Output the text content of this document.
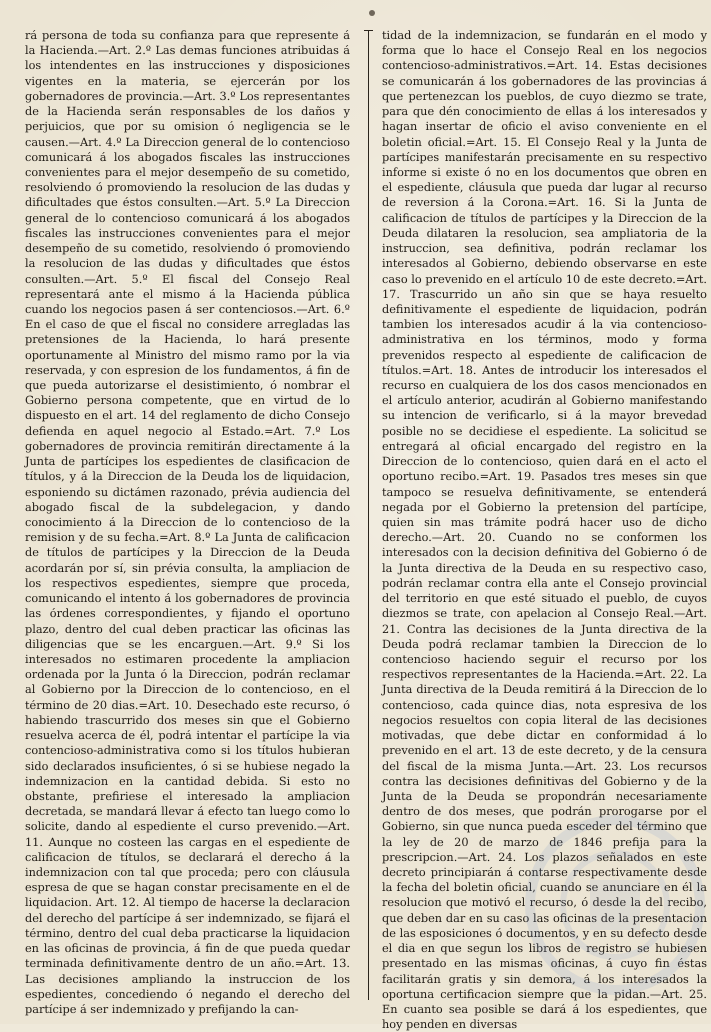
rá persona de toda su confianza para que represente á la Hacienda.—Art. 2.º Las demas funciones atribuidas á los intendentes en las instrucciones y disposiciones vigentes en la materia, se ejercerán por los gobernadores de provincia.—Art. 3.º Los representantes de la Hacienda serán responsables de los daños y perjuicios, que por su omision ó negligencia se le causen.—Art. 4.º La Direccion general de lo contencioso comunicará á los abogados fiscales las instrucciones convenientes para el mejor desempeño de su cometido, resolviendo ó promoviendo la resolucion de las dudas y dificultades que éstos consulten.—Art. 5.º La Direccion general de lo contencioso comunicará á los abogados fiscales las instrucciones convenientes para el mejor desempeño de su cometido, resolviendo ó promoviendo la resolucion de las dudas y dificultades que éstos consulten.—Art. 5.º El fiscal del Consejo Real representará ante el mismo á la Hacienda pública cuando los negocios pasen á ser contenciosos.—Art. 6.º En el caso de que el fiscal no considere arregladas las pretensiones de la Hacienda, lo hará presente oportunamente al Ministro del mismo ramo por la via reservada, y con espresion de los fundamentos, á fin de que pueda autorizarse el desistimiento, ó nombrar el Gobierno persona competente, que en virtud de lo dispuesto en el art. 14 del reglamento de dicho Consejo defienda en aquel negocio al Estado.=Art. 7.º Los gobernadores de provincia remitirán directamente á la Junta de partícipes los espedientes de clasificacion de títulos, y á la Direccion de la Deuda los de liquidacion, esponiendo su dictámen razonado, prévia audiencia del abogado fiscal de la subdelegacion, y dando conocimiento á la Direccion de lo contencioso de la remision y de su fecha.=Art. 8.º La Junta de calificacion de títulos de partícipes y la Direccion de la Deuda acordarán por sí, sin prévia consulta, la ampliacion de los respectivos espedientes, siempre que proceda, comunicando el intento á los gobernadores de provincia las órdenes correspondientes, y fijando el oportuno plazo, dentro del cual deben practicar las oficinas las diligencias que se les encarguen.—Art. 9.º Si los interesados no estimaren procedente la ampliacion ordenada por la Junta ó la Direccion, podrán reclamar al Gobierno por la Direccion de lo contencioso, en el término de 20 dias.=Art. 10. Desechado este recurso, ó habiendo trascurrido dos meses sin que el Gobierno resuelva acerca de él, podrá intentar el partícipe la via contencioso-administrativa como si los títulos hubieran sido declarados insuficientes, ó si se hubiese negado la indemnizacion en la cantidad debida. Si esto no obstante, prefiriese el interesado la ampliacion decretada, se mandará llevar á efecto tan luego como lo solicite, dando al espediente el curso prevenido.—Art. 11. Aunque no costeen las cargas en el espediente de calificacion de títulos, se declarará el derecho á la indemnizacion con tal que proceda; pero con cláusula espresa de que se hagan constar precisamente en el de liquidacion. Art. 12. Al tiempo de hacerse la declaracion del derecho del partícipe á ser indemnizado, se fijará el término, dentro del cual deba practicarse la liquidacion en las oficinas de provincia, á fin de que pueda quedar terminada definitivamente dentro de un año.=Art. 13. Las decisiones ampliando la instruccion de los espedientes, concediendo ó negando el derecho del partícipe á ser indemnizado y prefijando la can-

tidad de la indemnizacion, se fundarán en el modo y forma que lo hace el Consejo Real en los negocios contencioso-administrativos.=Art. 14. Estas decisiones se comunicarán á los gobernadores de las provincias á que pertenezcan los pueblos, de cuyo diezmo se trate, para que dén conocimiento de ellas á los interesados y hagan insertar de oficio el aviso conveniente en el boletin oficial.=Art. 15. El Consejo Real y la Junta de partícipes manifestarán precisamente en su respectivo informe si existe ó no en los documentos que obren en el espediente, cláusula que pueda dar lugar al recurso de reversion á la Corona.=Art. 16. Si la Junta de calificacion de títulos de partícipes y la Direccion de la Deuda dilataren la resolucion, sea ampliatoria de la instruccion, sea definitiva, podrán reclamar los interesados al Gobierno, debiendo observarse en este caso lo prevenido en el artículo 10 de este decreto.=Art. 17. Trascurrido un año sin que se haya resuelto definitivamente el espediente de liquidacion, podrán tambien los interesados acudir á la via contencioso-administrativa en los términos, modo y forma prevenidos respecto al espediente de calificacion de títulos.=Art. 18. Antes de introducir los interesados el recurso en cualquiera de los dos casos mencionados en el artículo anterior, acudirán al Gobierno manifestando su intencion de verificarlo, si á la mayor brevedad posible no se decidiese el espediente. La solicitud se entregará al oficial encargado del registro en la Direccion de lo contencioso, quien dará en el acto el oportuno recibo.=Art. 19. Pasados tres meses sin que tampoco se resuelva definitivamente, se entenderá negada por el Gobierno la pretension del partícipe, quien sin mas trámite podrá hacer uso de dicho derecho.—Art. 20. Cuando no se conformen los interesados con la decision definitiva del Gobierno ó de la Junta directiva de la Deuda en su respectivo caso, podrán reclamar contra ella ante el Consejo provincial del territorio en que esté situado el pueblo, de cuyos diezmos se trate, con apelacion al Consejo Real.—Art. 21. Contra las decisiones de la Junta directiva de la Deuda podrá reclamar tambien la Direccion de lo contencioso haciendo seguir el recurso por los respectivos representantes de la Hacienda.=Art. 22. La Junta directiva de la Deuda remitirá á la Direccion de lo contencioso, cada quince dias, nota espresiva de los negocios resueltos con copia literal de las decisiones motivadas, que debe dictar en conformidad á lo prevenido en el art. 13 de este decreto, y de la censura del fiscal de la misma Junta.—Art. 23. Los recursos contra las decisiones definitivas del Gobierno y de la Junta de la Deuda se propondrán necesariamente dentro de dos meses, que podrán prorogarse por el Gobierno, sin que nunca pueda esceder del término que la ley de 20 de marzo de 1846 prefija para la prescripcion.—Art. 24. Los plazos señalados en este decreto principiarán á contarse respectivamente desde la fecha del boletin oficial, cuando se anunciare en él la resolucion que motivó el recurso, ó desde la del recibo, que deben dar en su caso las oficinas de la presentacion de las esposiciones ó documentos, y en su defecto desde el dia en que segun los libros de registro se hubiesen presentado en las mismas oficinas, á cuyo fin éstas facilitarán gratis y sin demora, á los interesados la oportuna certificacion siempre que la pidan.—Art. 25. En cuanto sea posible se dará á los espedientes, que hoy penden en diversas
